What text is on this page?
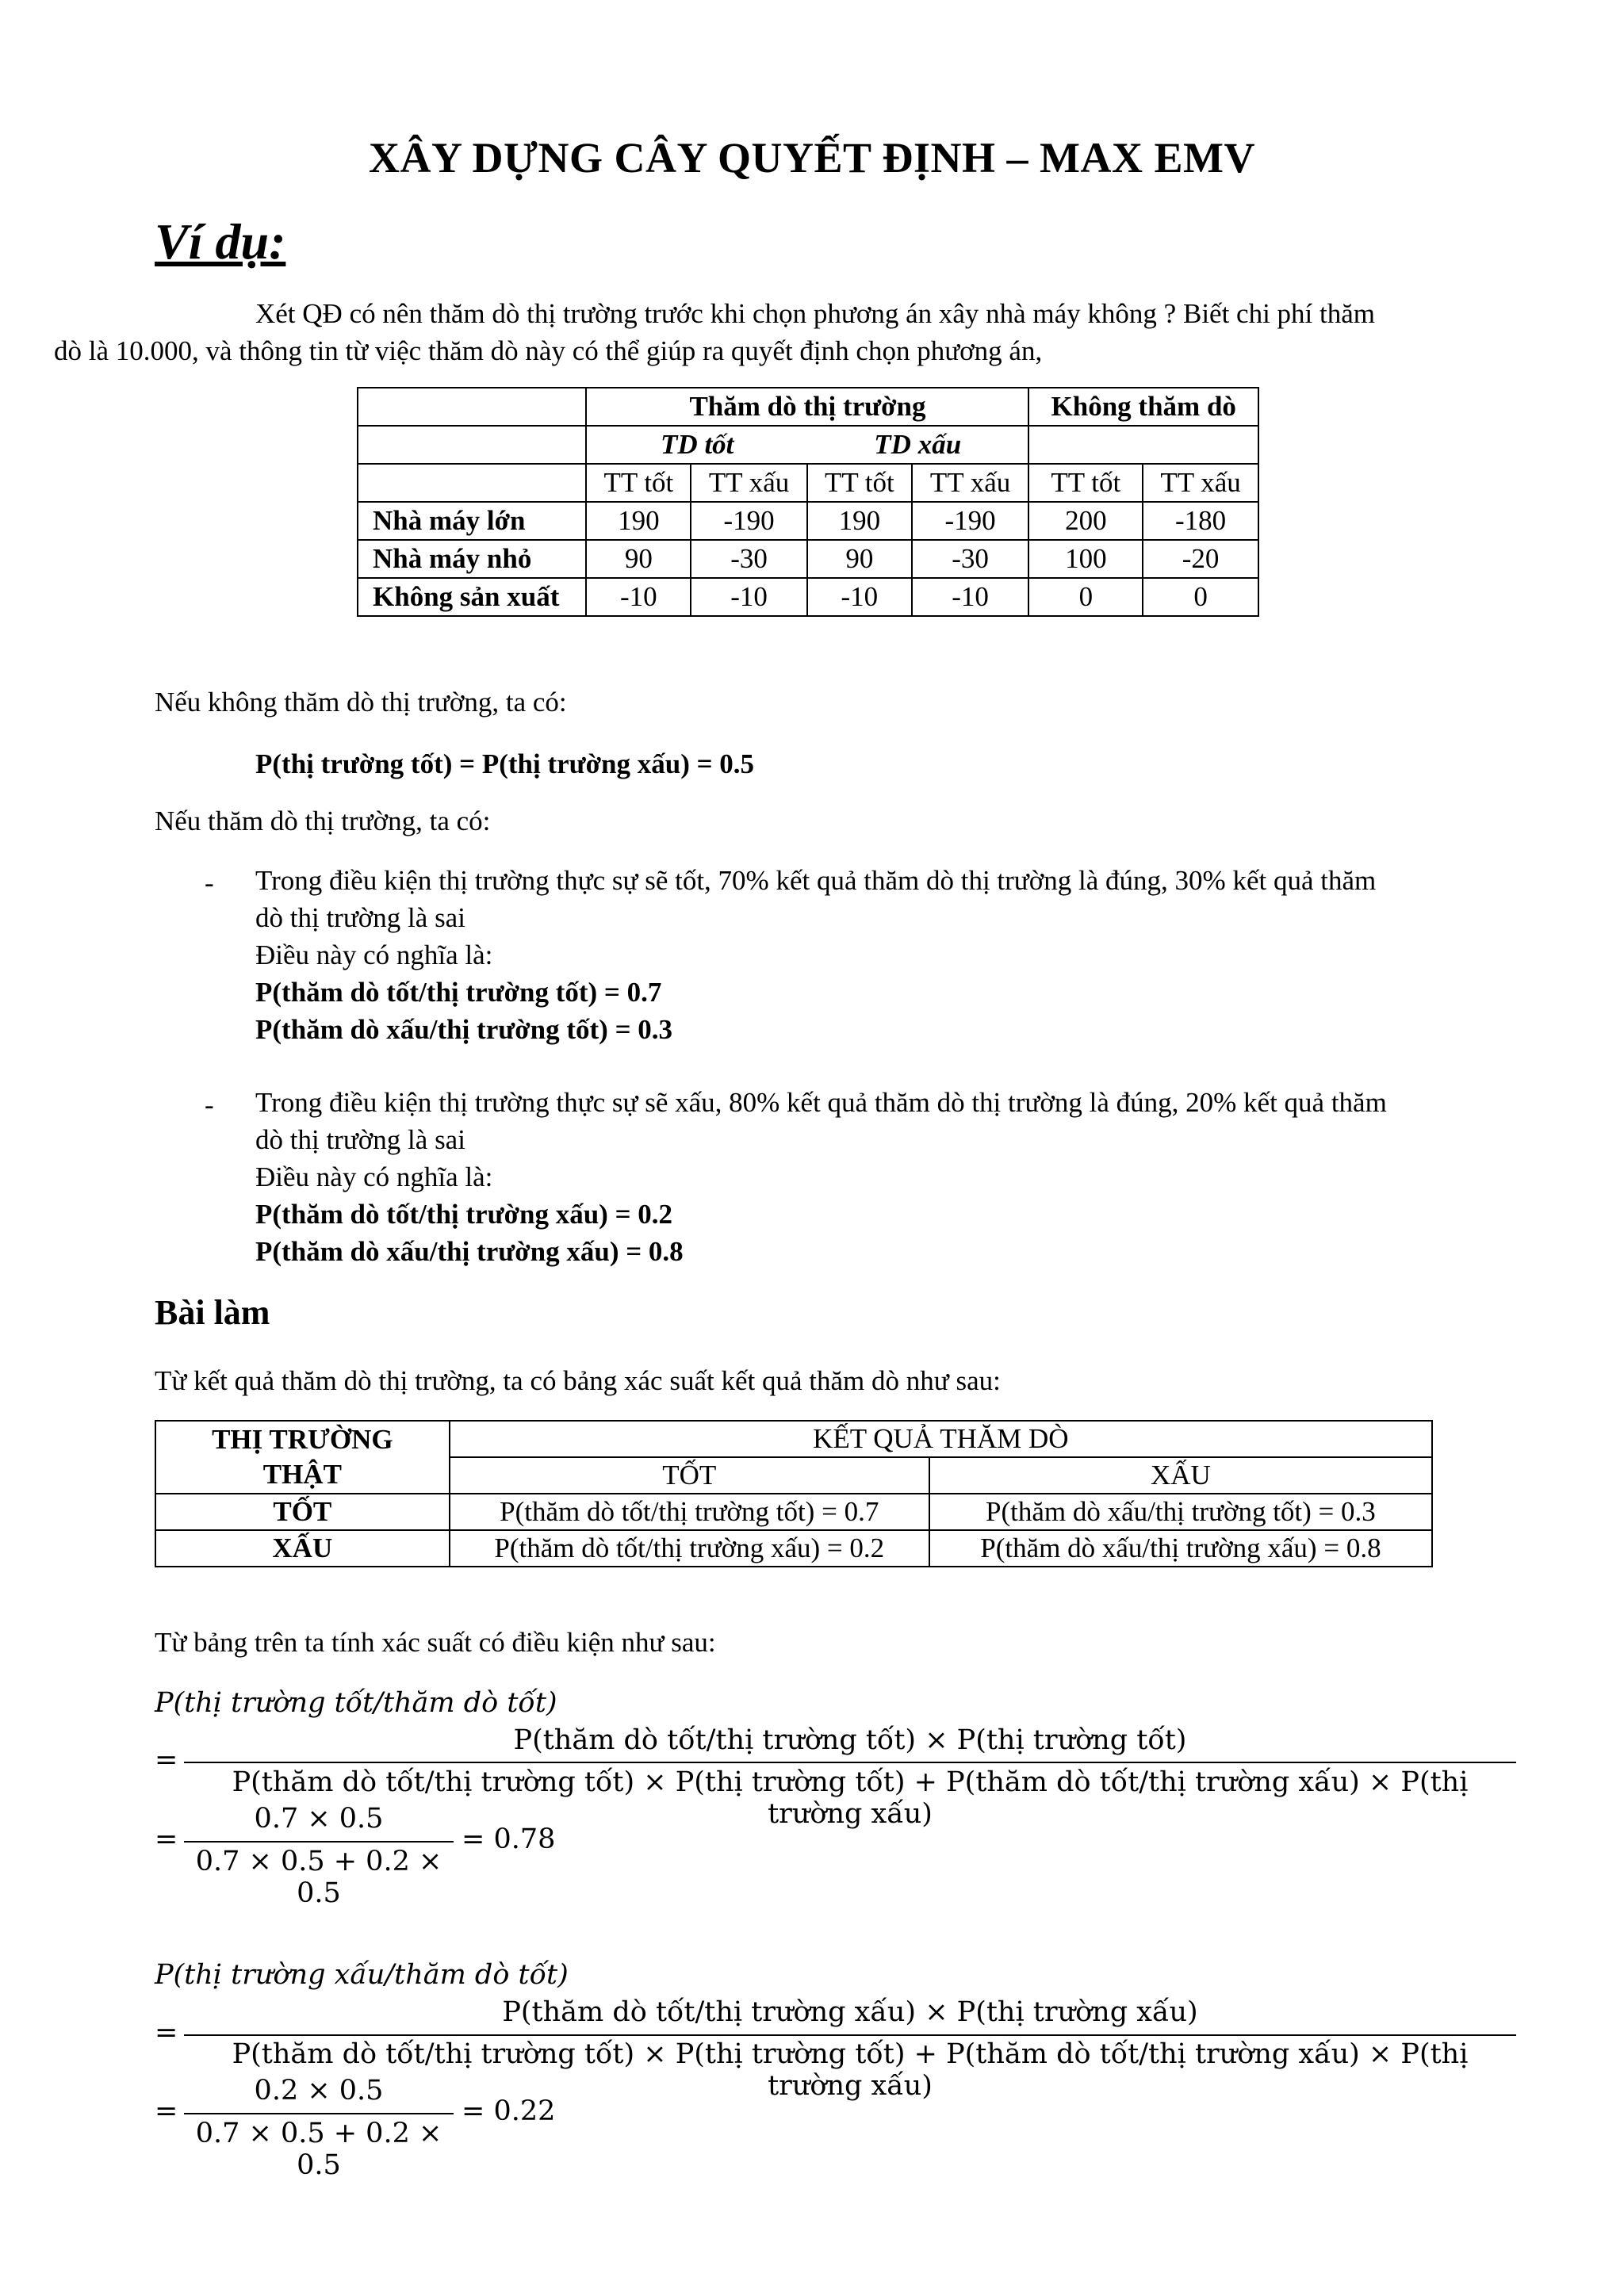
XÂY DỰNG CÂY QUYẾT ĐỊNH – MAX EMV
Ví dụ:
Xét QĐ có nên thăm dò thị trường trước khi chọn phương án xây nhà máy không ? Biết chi phí thăm
dò là 10.000, và thông tin từ việc thăm dò này có thể giúp ra quyết định chọn phương án,
	Thăm dò thị trường				Không thăm dò	
	TD tốt		TD xấu			
	TT tốt	TT xấu	TT tốt	TT xấu	TT tốt	TT xấu
Nhà máy lớn	190	-190	190	-190	200	-180
Nhà máy nhỏ	90	-30	90	-30	100	-20
Không sản xuất	-10	-10	-10	-10	0	0
Nếu không thăm dò thị trường, ta có:
P(thị trường tốt) = P(thị trường xấu) = 0.5
Nếu thăm dò thị trường, ta có:
- Trong điều kiện thị trường thực sự sẽ tốt, 70% kết quả thăm dò thị trường là đúng, 30% kết quả thăm
dò thị trường là sai
Điều này có nghĩa là:
P(thăm dò tốt/thị trường tốt) = 0.7
P(thăm dò xấu/thị trường tốt) = 0.3
- Trong điều kiện thị trường thực sự sẽ xấu, 80% kết quả thăm dò thị trường là đúng, 20% kết quả thăm
dò thị trường là sai
Điều này có nghĩa là:
P(thăm dò tốt/thị trường xấu) = 0.2
P(thăm dò xấu/thị trường xấu) = 0.8
Bài làm
Từ kết quả thăm dò thị trường, ta có bảng xác suất kết quả thăm dò như sau:
THỊ TRƯỜNG
THẬT	KẾT QUẢ THĂM DÒ	
	TỐT	XẤU
TỐT	P(thăm dò tốt/thị trường tốt) = 0.7	P(thăm dò xấu/thị trường tốt) = 0.3
XẤU	P(thăm dò tốt/thị trường xấu) = 0.2	P(thăm dò xấu/thị trường xấu) = 0.8
Từ bảng trên ta tính xác suất có điều kiện như sau:
P(thị trường tốt/thăm dò tốt)
=
P(thăm dò tốt/thị trường tốt) × P(thị trường tốt)
P(thăm dò tốt/thị trường tốt) × P(thị trường tốt) + P(thăm dò tốt/thị trường xấu) × P(thị trường xấu)
=
0.7 × 0.5
0.7 × 0.5 + 0.2 × 0.5
= 0.78
P(thị trường xấu/thăm dò tốt)
=
P(thăm dò tốt/thị trường xấu) × P(thị trường xấu)
P(thăm dò tốt/thị trường tốt) × P(thị trường tốt) + P(thăm dò tốt/thị trường xấu) × P(thị trường xấu)
=
0.2 × 0.5
0.7 × 0.5 + 0.2 × 0.5
= 0.22
